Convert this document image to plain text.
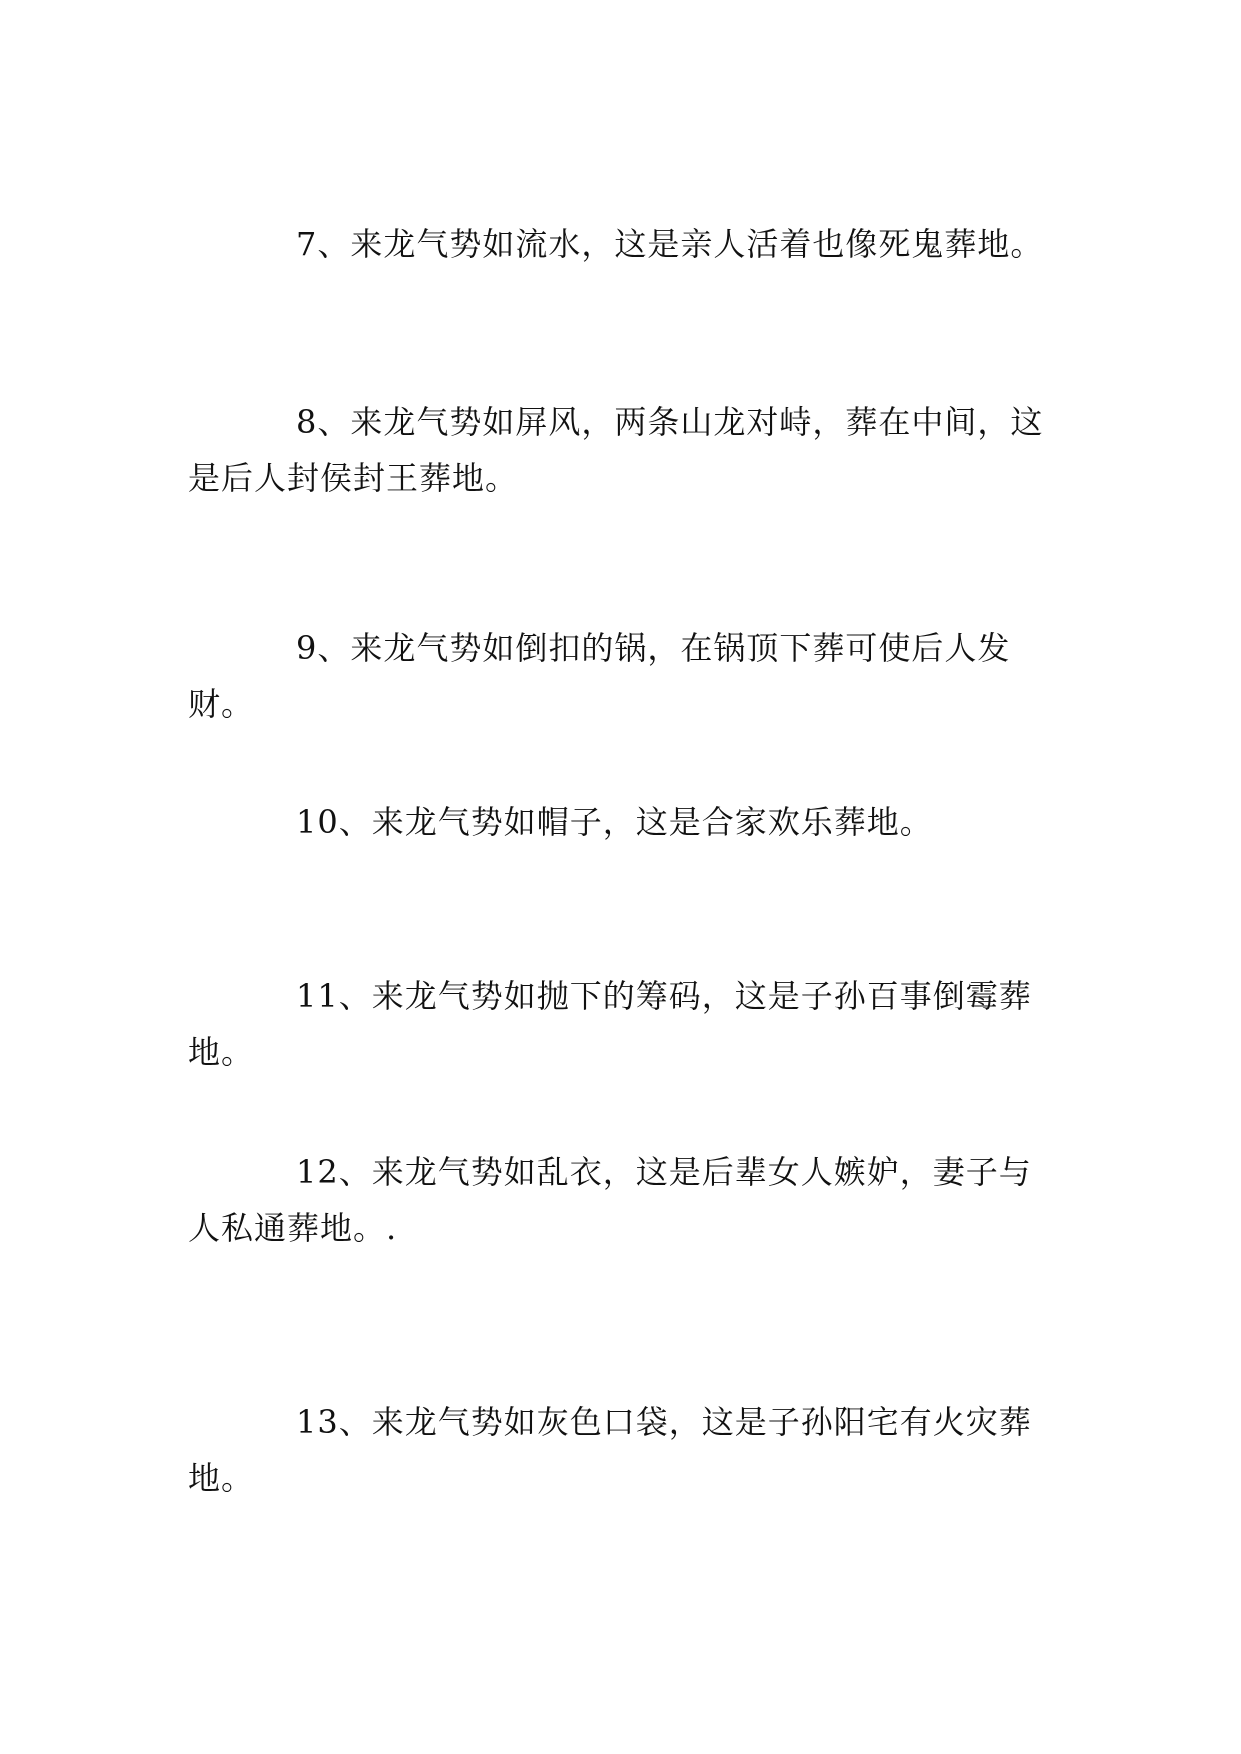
7、来龙气势如流水，这是亲人活着也像死鬼葬地。

8、来龙气势如屏风，两条山龙对峙，葬在中间，这是后人封侯封王葬地。

9、来龙气势如倒扣的锅，在锅顶下葬可使后人发财。

10、来龙气势如帽子，这是合家欢乐葬地。

11、来龙气势如抛下的筹码，这是子孙百事倒霉葬地。

12、来龙气势如乱衣，这是后辈女人嫉妒，妻子与人私通葬地。.

13、来龙气势如灰色口袋，这是子孙阳宅有火灾葬地。
